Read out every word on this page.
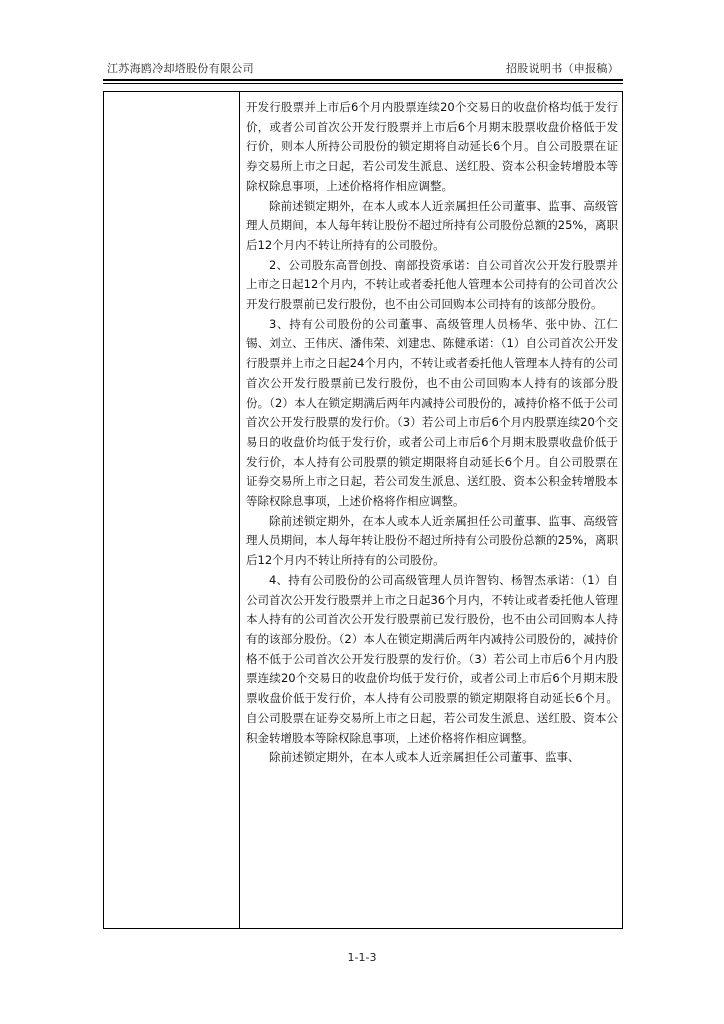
江苏海鸥冷却塔股份有限公司	招股说明书（申报稿）

开发行股票并上市后6个月内股票连续20个交易日的收盘价格均低于发行价，或者公司首次公开发行股票并上市后6个月期末股票收盘价格低于发行价，则本人所持公司股份的锁定期将自动延长6个月。自公司股票在证券交易所上市之日起，若公司发生派息、送红股、资本公积金转增股本等除权除息事项，上述价格将作相应调整。

除前述锁定期外，在本人或本人近亲属担任公司董事、监事、高级管理人员期间，本人每年转让股份不超过所持有公司股份总额的25%，离职后12个月内不转让所持有的公司股份。

2、公司股东高晋创投、南部投资承诺：自公司首次公开发行股票并上市之日起12个月内，不转让或者委托他人管理本公司持有的公司首次公开发行股票前已发行股份，也不由公司回购本公司持有的该部分股份。

3、持有公司股份的公司董事、高级管理人员杨华、张中协、江仁锡、刘立、王伟庆、潘伟荣、刘建忠、陈健承诺：（1）自公司首次公开发行股票并上市之日起24个月内，不转让或者委托他人管理本人持有的公司首次公开发行股票前已发行股份，也不由公司回购本人持有的该部分股份。（2）本人在锁定期满后两年内减持公司股份的，减持价格不低于公司首次公开发行股票的发行价。（3）若公司上市后6个月内股票连续20个交易日的收盘价均低于发行价，或者公司上市后6个月期末股票收盘价低于发行价，本人持有公司股票的锁定期限将自动延长6个月。自公司股票在证券交易所上市之日起，若公司发生派息、送红股、资本公积金转增股本等除权除息事项，上述价格将作相应调整。

除前述锁定期外，在本人或本人近亲属担任公司董事、监事、高级管理人员期间，本人每年转让股份不超过所持有公司股份总额的25%，离职后12个月内不转让所持有的公司股份。

4、持有公司股份的公司高级管理人员许智钧、杨智杰承诺：（1）自公司首次公开发行股票并上市之日起36个月内，不转让或者委托他人管理本人持有的公司首次公开发行股票前已发行股份，也不由公司回购本人持有的该部分股份。（2）本人在锁定期满后两年内减持公司股份的，减持价格不低于公司首次公开发行股票的发行价。（3）若公司上市后6个月内股票连续20个交易日的收盘价均低于发行价，或者公司上市后6个月期末股票收盘价低于发行价，本人持有公司股票的锁定期限将自动延长6个月。自公司股票在证券交易所上市之日起，若公司发生派息、送红股、资本公积金转增股本等除权除息事项，上述价格将作相应调整。

除前述锁定期外，在本人或本人近亲属担任公司董事、监事、

1-1-3
